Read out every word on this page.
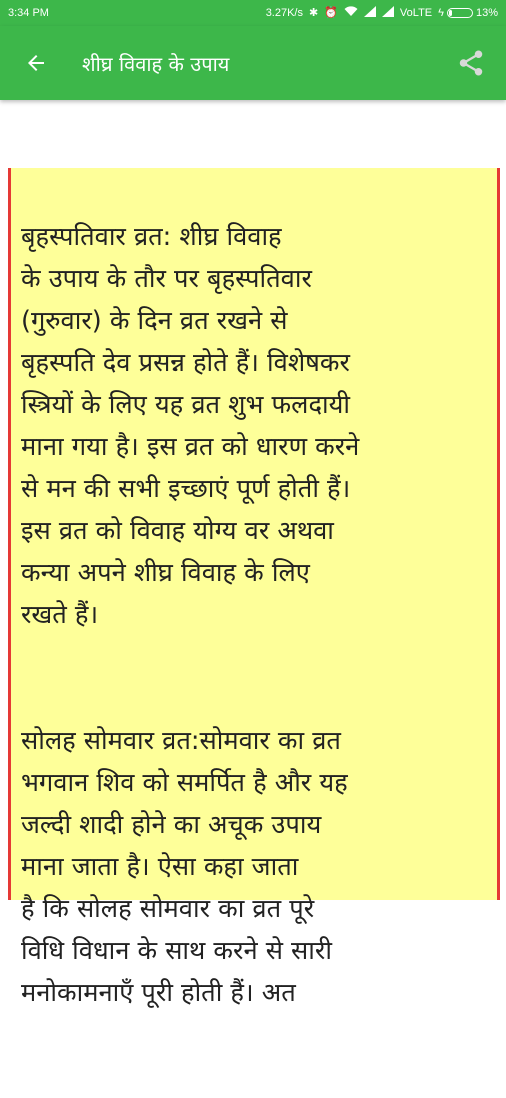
3:34 PM	3.27K/s ✱ ⏰	VoLTE ϟ	13%
शीघ्र विवाह के उपाय

बृहस्पतिवार व्रत: शीघ्र विवाह
के उपाय के तौर पर बृहस्पतिवार
(गुरुवार) के दिन व्रत रखने से
बृहस्पति देव प्रसन्न होते हैं। विशेषकर
स्त्रियों के लिए यह व्रत शुभ फलदायी
माना गया है। इस व्रत को धारण करने
से मन की सभी इच्छाएं पूर्ण होती हैं।
इस व्रत को विवाह योग्य वर अथवा
कन्या अपने शीघ्र विवाह के लिए
रखते हैं।

सोलह सोमवार व्रत:सोमवार का व्रत
भगवान शिव को समर्पित है और यह
जल्दी शादी होने का अचूक उपाय
माना जाता है। ऐसा कहा जाता
है कि सोलह सोमवार का व्रत पूरे
विधि विधान के साथ करने से सारी
मनोकामनाएँ पूरी होती हैं। अत
